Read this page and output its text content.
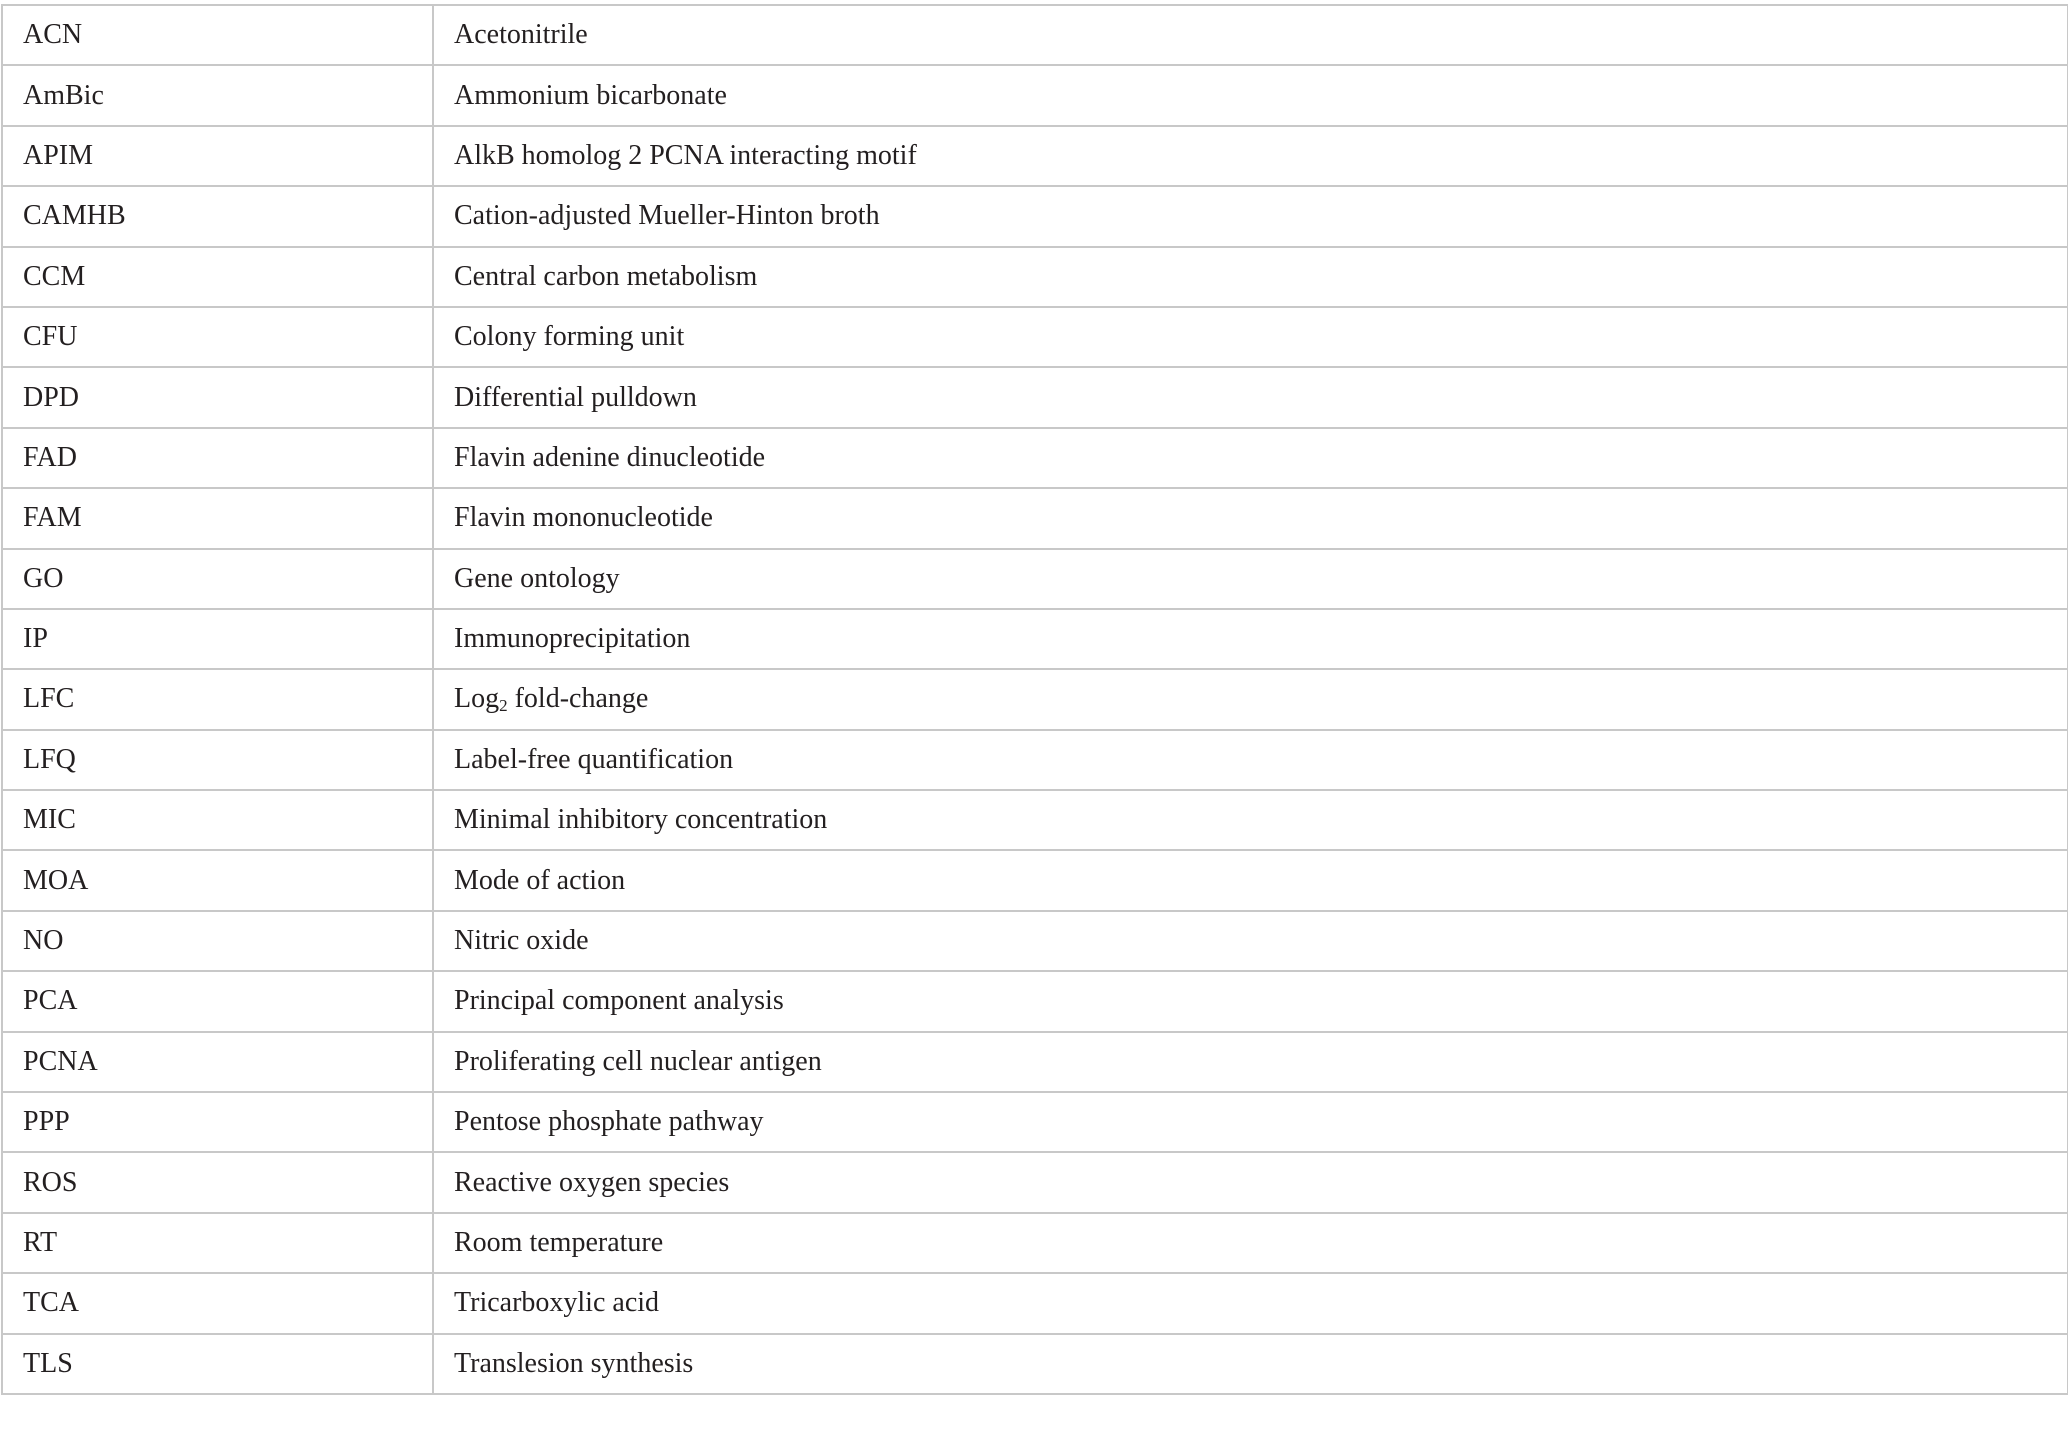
ACN	Acetonitrile
AmBic	Ammonium bicarbonate
APIM	AlkB homolog 2 PCNA interacting motif
CAMHB	Cation-adjusted Mueller-Hinton broth
CCM	Central carbon metabolism
CFU	Colony forming unit
DPD	Differential pulldown
FAD	Flavin adenine dinucleotide
FAM	Flavin mononucleotide
GO	Gene ontology
IP	Immunoprecipitation
LFC	Log$_2$ fold-change
LFQ	Label-free quantification
MIC	Minimal inhibitory concentration
MOA	Mode of action
NO	Nitric oxide
PCA	Principal component analysis
PCNA	Proliferating cell nuclear antigen
PPP	Pentose phosphate pathway
ROS	Reactive oxygen species
RT	Room temperature
TCA	Tricarboxylic acid
TLS	Translesion synthesis
